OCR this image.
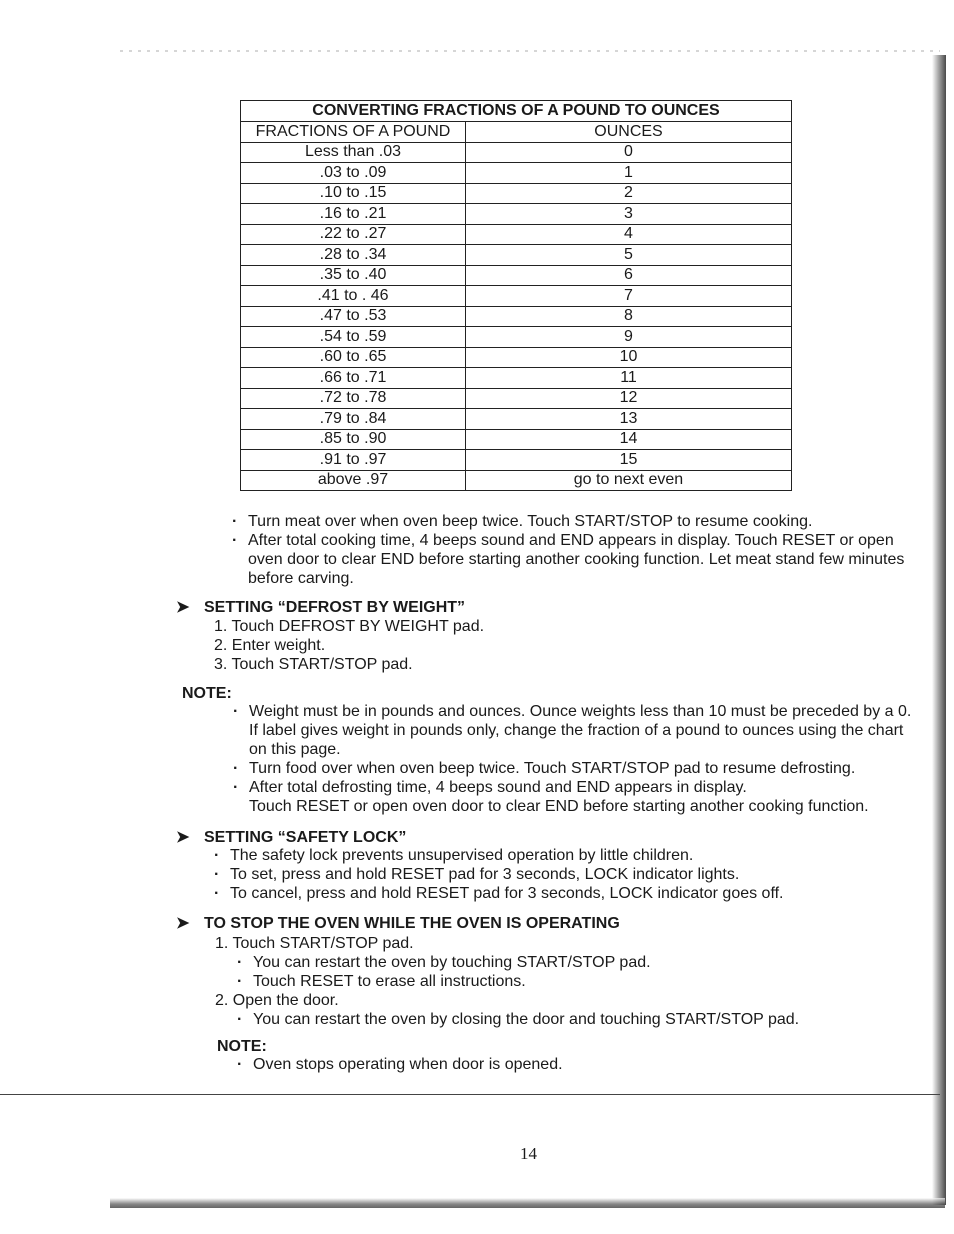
CONVERTING FRACTIONS OF A POUND TO OUNCES	
FRACTIONS OF A POUND	OUNCES
Less than .03	0
.03 to .09	1
.10 to .15	2
.16 to .21	3
.22 to .27	4
.28 to .34	5
.35 to .40	6
.41 to . 46	7
.47 to .53	8
.54 to .59	9
.60 to .65	10
.66 to .71	11
.72 to .78	12
.79 to .84	13
.85 to .90	14
.91 to .97	15
above .97	go to next even

· Turn meat over when oven beep twice. Touch START/STOP to resume cooking.

· After total cooking time, 4 beeps sound and END appears in display. Touch RESET or open oven door to clear END before starting another cooking function. Let meat stand few minutes before carving.

➤ SETTING “DEFROST BY WEIGHT”

1. Touch DEFROST BY WEIGHT pad.

2. Enter weight.

3. Touch START/STOP pad.

NOTE:

· Weight must be in pounds and ounces. Ounce weights less than 10 must be preceded by a 0. If label gives weight in pounds only, change the fraction of a pound to ounces using the chart on this page.

· Turn food over when oven beep twice. Touch START/STOP pad to resume defrosting.

· After total defrosting time, 4 beeps sound and END appears in display.

Touch RESET or open oven door to clear END before starting another cooking function.

➤ SETTING “SAFETY LOCK”

· The safety lock prevents unsupervised operation by little children.

· To set, press and hold RESET pad for 3 seconds, LOCK indicator lights.

· To cancel, press and hold RESET pad for 3 seconds, LOCK indicator goes off.

➤ TO STOP THE OVEN WHILE THE OVEN IS OPERATING

1. Touch START/STOP pad.

· You can restart the oven by touching START/STOP pad.

· Touch RESET to erase all instructions.

2. Open the door.

· You can restart the oven by closing the door and touching START/STOP pad.

NOTE:

· Oven stops operating when door is opened.

14
